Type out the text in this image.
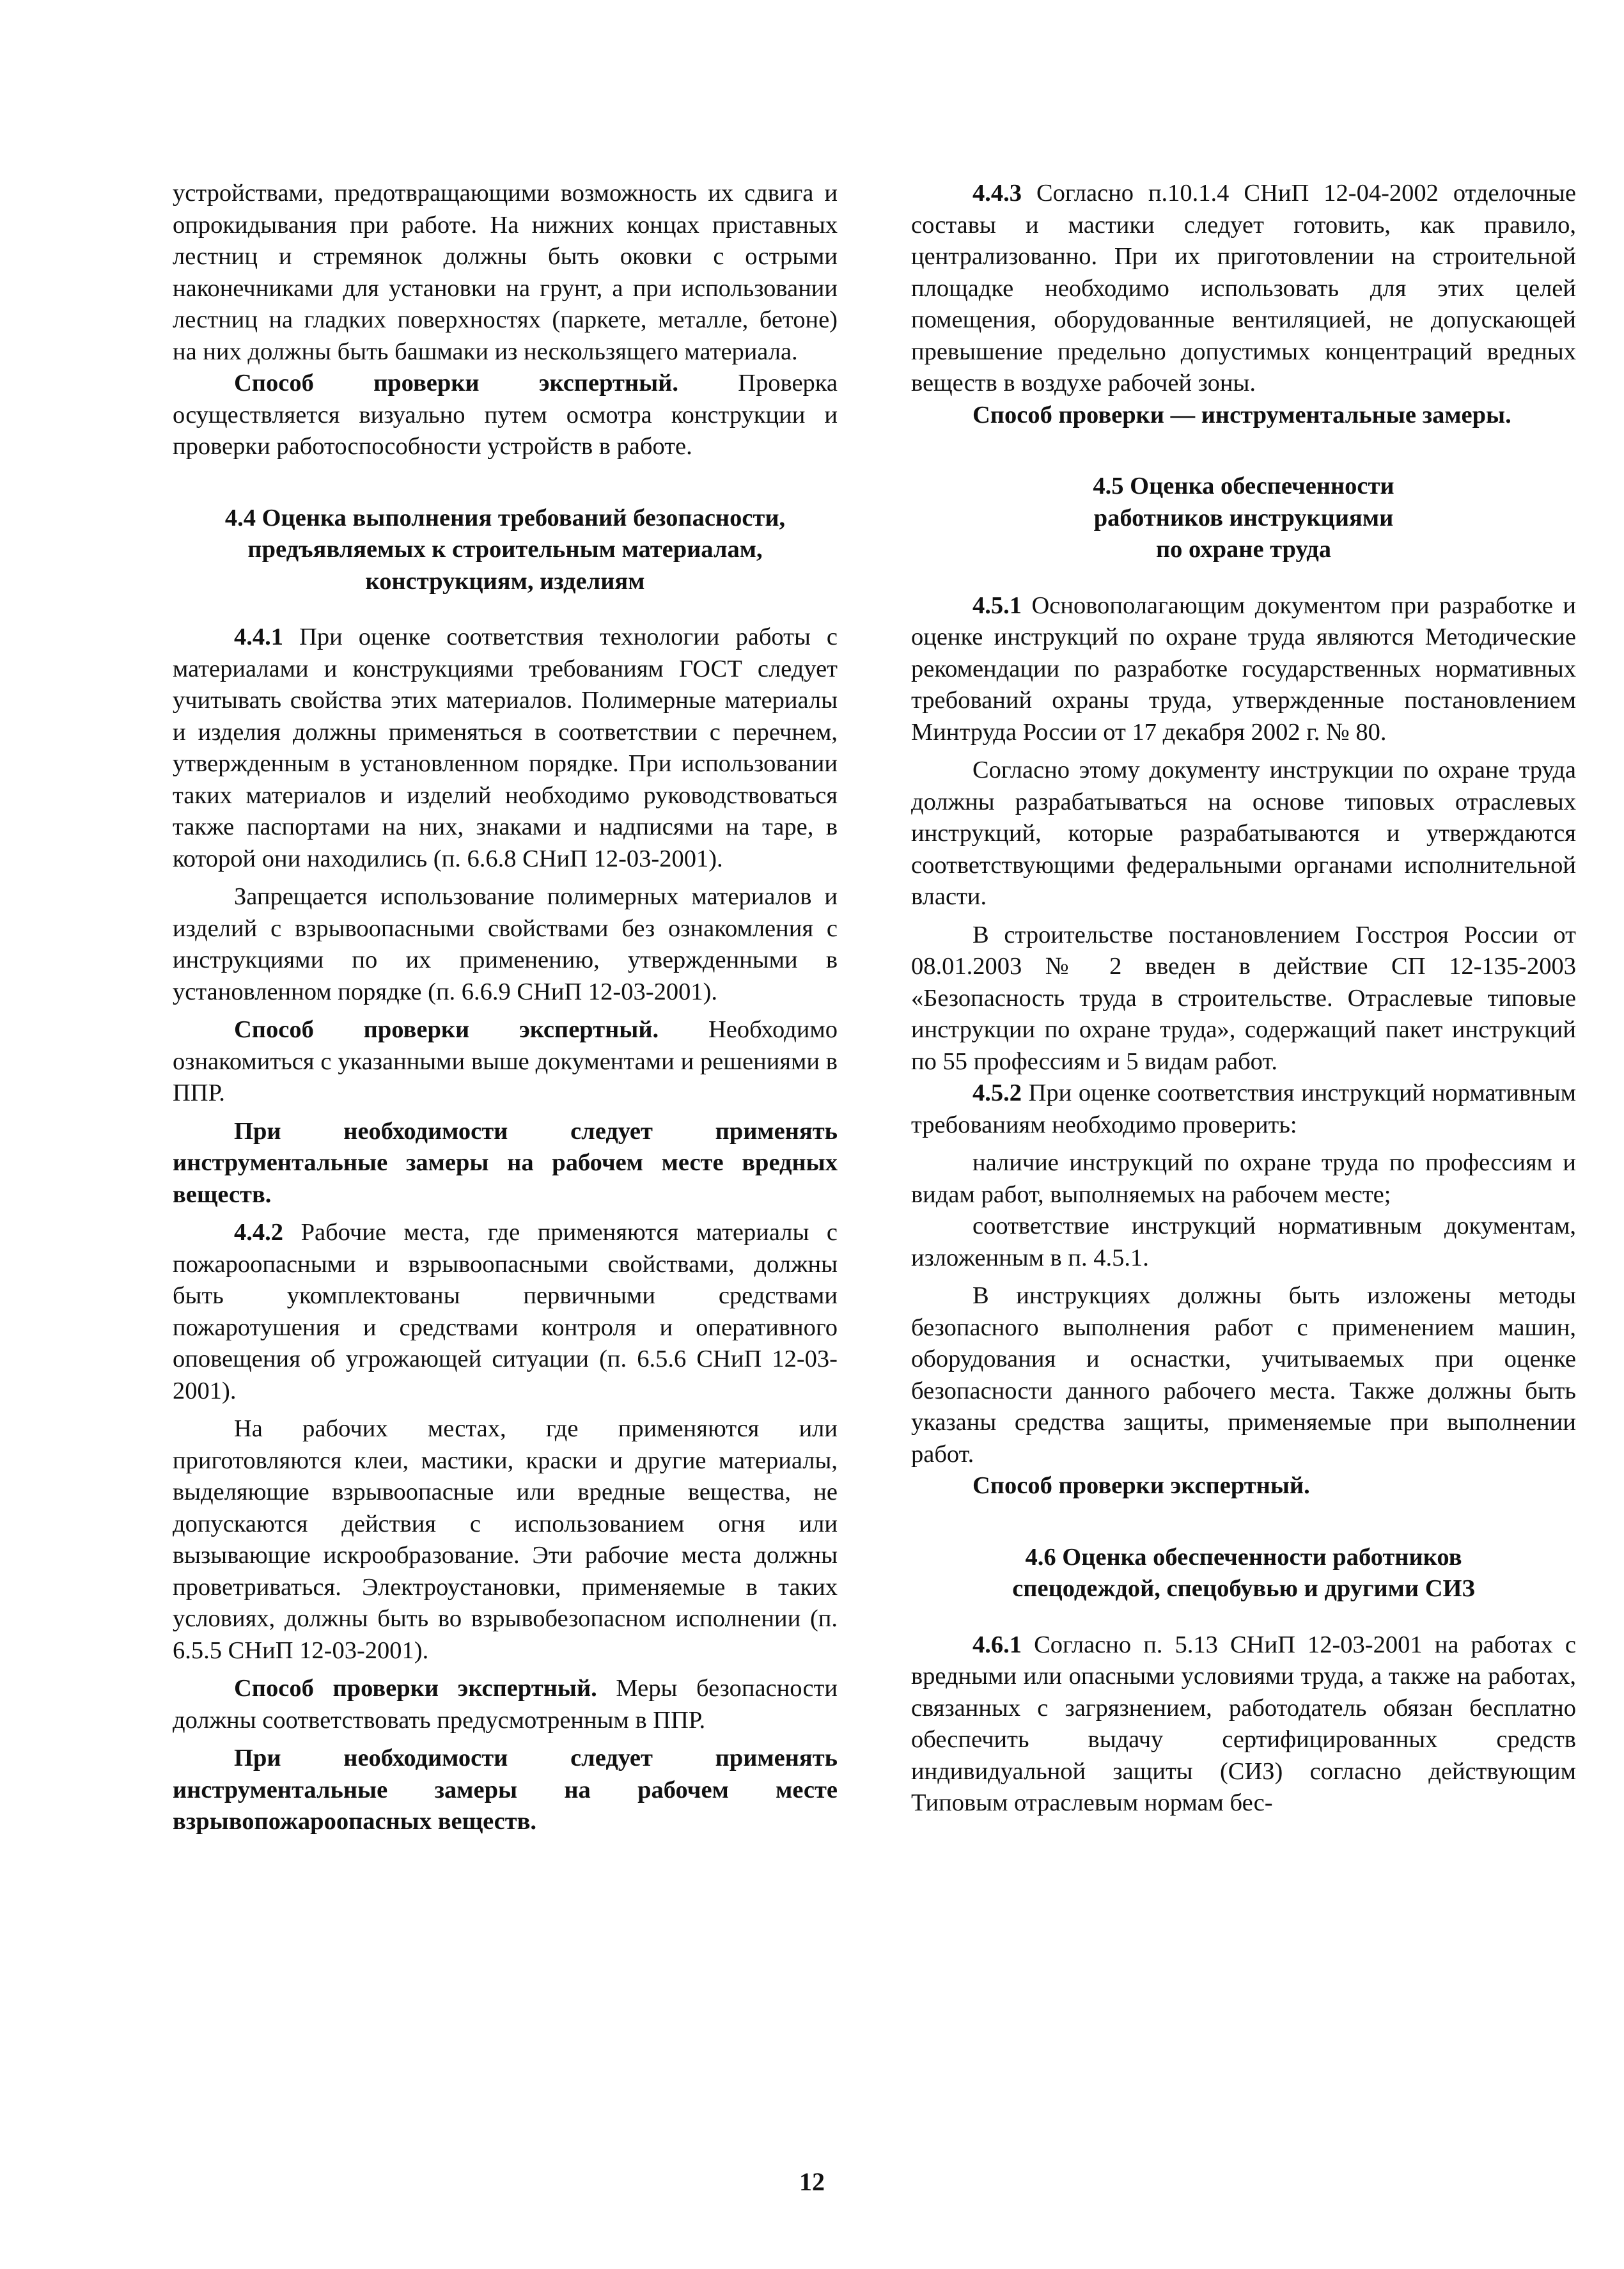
устройствами, предотвращающими возможность их сдвига и опрокидывания при работе. На нижних концах приставных лестниц и стремянок должны быть оковки с острыми наконечниками для установки на грунт, а при использовании лестниц на гладких поверхностях (паркете, металле, бетоне) на них должны быть башмаки из нескользящего материала.

Способ проверки экспертный. Проверка осуществляется визуально путем осмотра конструкции и проверки работоспособности устройств в работе.

4.4 Оценка выполнения требований безопасности,
предъявляемых к строительным материалам,
конструкциям, изделиям

4.4.1 При оценке соответствия технологии работы с материалами и конструкциями требованиям ГОСТ следует учитывать свойства этих материалов. Полимерные материалы и изделия должны применяться в соответствии с перечнем, утвержденным в установленном порядке. При использовании таких материалов и изделий необходимо руководствоваться также паспортами на них, знаками и надписями на таре, в которой они находились (п. 6.6.8 СНиП 12-03-2001).

Запрещается использование полимерных материалов и изделий с взрывоопасными свойствами без ознакомления с инструкциями по их применению, утвержденными в установленном порядке (п. 6.6.9 СНиП 12-03-2001).

Способ проверки экспертный. Необходимо ознакомиться с указанными выше документами и решениями в ППР.

При необходимости следует применять инструментальные замеры на рабочем месте вредных веществ.

4.4.2 Рабочие места, где применяются материалы с пожароопасными и взрывоопасными свойствами, должны быть укомплектованы первичными средствами пожаротушения и средствами контроля и оперативного оповещения об угрожающей ситуации (п. 6.5.6 СНиП 12-03-2001).

На рабочих местах, где применяются или приготовляются клеи, мастики, краски и другие материалы, выделяющие взрывоопасные или вредные вещества, не допускаются действия с использованием огня или вызывающие искрообразование. Эти рабочие места должны проветриваться. Электроустановки, применяемые в таких условиях, должны быть во взрывобезопасном исполнении (п. 6.5.5 СНиП 12-03-2001).

Способ проверки экспертный. Меры безопасности должны соответствовать предусмотренным в ППР.

При необходимости следует применять инструментальные замеры на рабочем месте взрывопожароопасных веществ.

4.4.3 Согласно п.10.1.4 СНиП 12-04-2002 отделочные составы и мастики следует готовить, как правило, централизованно. При их приготовлении на строительной площадке необходимо использовать для этих целей помещения, оборудованные вентиляцией, не допускающей превышение предельно допустимых концентраций вредных веществ в воздухе рабочей зоны.

Способ проверки — инструментальные замеры.

4.5 Оценка обеспеченности
работников инструкциями
по охране труда

4.5.1 Основополагающим документом при разработке и оценке инструкций по охране труда являются Методические рекомендации по разработке государственных нормативных требований охраны труда, утвержденные постановлением Минтруда России от 17 декабря 2002 г. № 80.

Согласно этому документу инструкции по охране труда должны разрабатываться на основе типовых отраслевых инструкций, которые разрабатываются и утверждаются соответствующими федеральными органами исполнительной власти.

В строительстве постановлением Госстроя России от 08.01.2003 № 2 введен в действие СП 12-135-2003 «Безопасность труда в строительстве. Отраслевые типовые инструкции по охране труда», содержащий пакет инструкций по 55 профессиям и 5 видам работ.

4.5.2 При оценке соответствия инструкций нормативным требованиям необходимо проверить:

наличие инструкций по охране труда по профессиям и видам работ, выполняемых на рабочем месте;

соответствие инструкций нормативным документам, изложенным в п. 4.5.1.

В инструкциях должны быть изложены методы безопасного выполнения работ с применением машин, оборудования и оснастки, учитываемых при оценке безопасности данного рабочего места. Также должны быть указаны средства защиты, применяемые при выполнении работ.

Способ проверки экспертный.

4.6 Оценка обеспеченности работников
спецодеждой, спецобувью и другими СИЗ

4.6.1 Согласно п. 5.13 СНиП 12-03-2001 на работах с вредными или опасными условиями труда, а также на работах, связанных с загрязнением, работодатель обязан бесплатно обеспечить выдачу сертифицированных средств индивидуальной защиты (СИЗ) согласно действующим Типовым отраслевым нормам бес-

12
